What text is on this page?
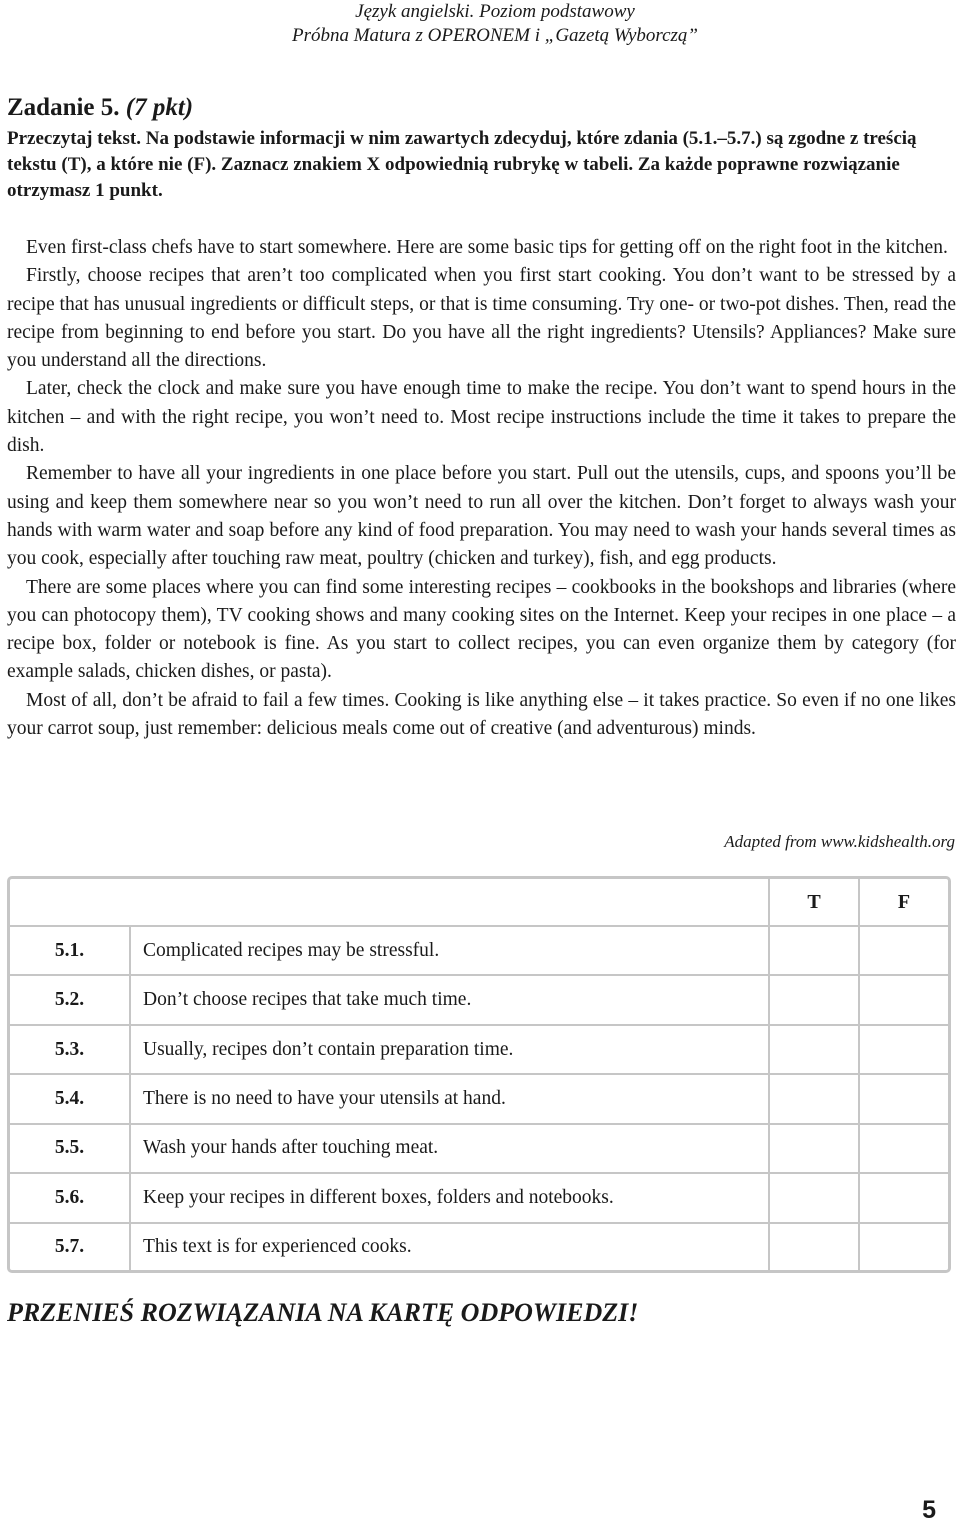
Język angielski. Poziom podstawowy
Próbna Matura z OPERONEM i „Gazetą Wyborczą”
Zadanie 5. (7 pkt)
Przeczytaj tekst. Na podstawie informacji w nim zawartych zdecyduj, które zdania (5.1.–5.7.) są zgodne z treścią tekstu (T), a które nie (F). Zaznacz znakiem X odpowiednią rubrykę w tabeli. Za każde poprawne rozwiązanie otrzymasz 1 punkt.

Even first-class chefs have to start somewhere. Here are some basic tips for getting off on the right foot in the kitchen.

Firstly, choose recipes that aren’t too complicated when you first start cooking. You don’t want to be stressed by a recipe that has unusual ingredients or difficult steps, or that is time consuming. Try one- or two-pot dishes. Then, read the recipe from beginning to end before you start. Do you have all the right ingredients? Utensils? Appliances? Make sure you understand all the directions.

Later, check the clock and make sure you have enough time to make the recipe. You don’t want to spend hours in the kitchen – and with the right recipe, you won’t need to. Most recipe instructions include the time it takes to prepare the dish.

Remember to have all your ingredients in one place before you start. Pull out the utensils, cups, and spoons you’ll be using and keep them somewhere near so you won’t need to run all over the kitchen. Don’t forget to always wash your hands with warm water and soap before any kind of food preparation. You may need to wash your hands several times as you cook, especially after touching raw meat, poultry (chicken and turkey), fish, and egg products.

There are some places where you can find some interesting recipes – cookbooks in the bookshops and libraries (where you can photocopy them), TV cooking shows and many cooking sites on the Internet. Keep your recipes in one place – a recipe box, folder or notebook is fine. As you start to collect recipes, you can even organize them by category (for example salads, chicken dishes, or pasta).

Most of all, don’t be afraid to fail a few times. Cooking is like anything else – it takes practice. So even if no one likes your carrot soup, just remember: delicious meals come out of creative (and adventurous) minds.

Adapted from www.kidshealth.org
		T	F
5.1.	Complicated recipes may be stressful.		
5.2.	Don’t choose recipes that take much time.		
5.3.	Usually, recipes don’t contain preparation time.		
5.4.	There is no need to have your utensils at hand.		
5.5.	Wash your hands after touching meat.		
5.6.	Keep your recipes in different boxes, folders and notebooks.		
5.7.	This text is for experienced cooks.		
PRZENIEŚ ROZWIĄZANIA NA KARTĘ ODPOWIEDZI!
5
